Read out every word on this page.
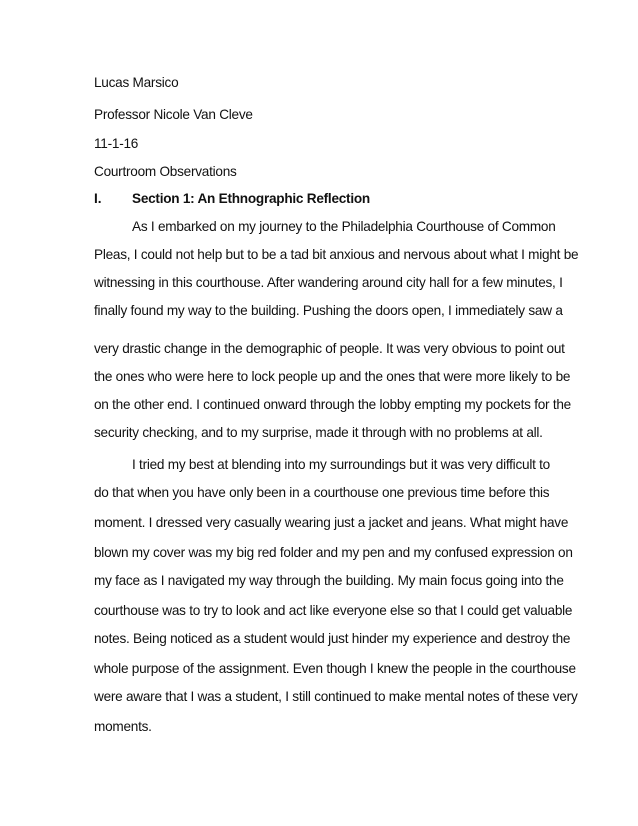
Lucas Marsico
Professor Nicole Van Cleve
11-1-16
Courtroom Observations
I. Section 1: An Ethnographic Reflection
As I embarked on my journey to the Philadelphia Courthouse of Common
Pleas, I could not help but to be a tad bit anxious and nervous about what I might be
witnessing in this courthouse. After wandering around city hall for a few minutes, I
finally found my way to the building. Pushing the doors open, I immediately saw a
very drastic change in the demographic of people. It was very obvious to point out
the ones who were here to lock people up and the ones that were more likely to be
on the other end. I continued onward through the lobby empting my pockets for the
security checking, and to my surprise, made it through with no problems at all.
I tried my best at blending into my surroundings but it was very difficult to
do that when you have only been in a courthouse one previous time before this
moment. I dressed very casually wearing just a jacket and jeans. What might have
blown my cover was my big red folder and my pen and my confused expression on
my face as I navigated my way through the building. My main focus going into the
courthouse was to try to look and act like everyone else so that I could get valuable
notes. Being noticed as a student would just hinder my experience and destroy the
whole purpose of the assignment. Even though I knew the people in the courthouse
were aware that I was a student, I still continued to make mental notes of these very
moments.
